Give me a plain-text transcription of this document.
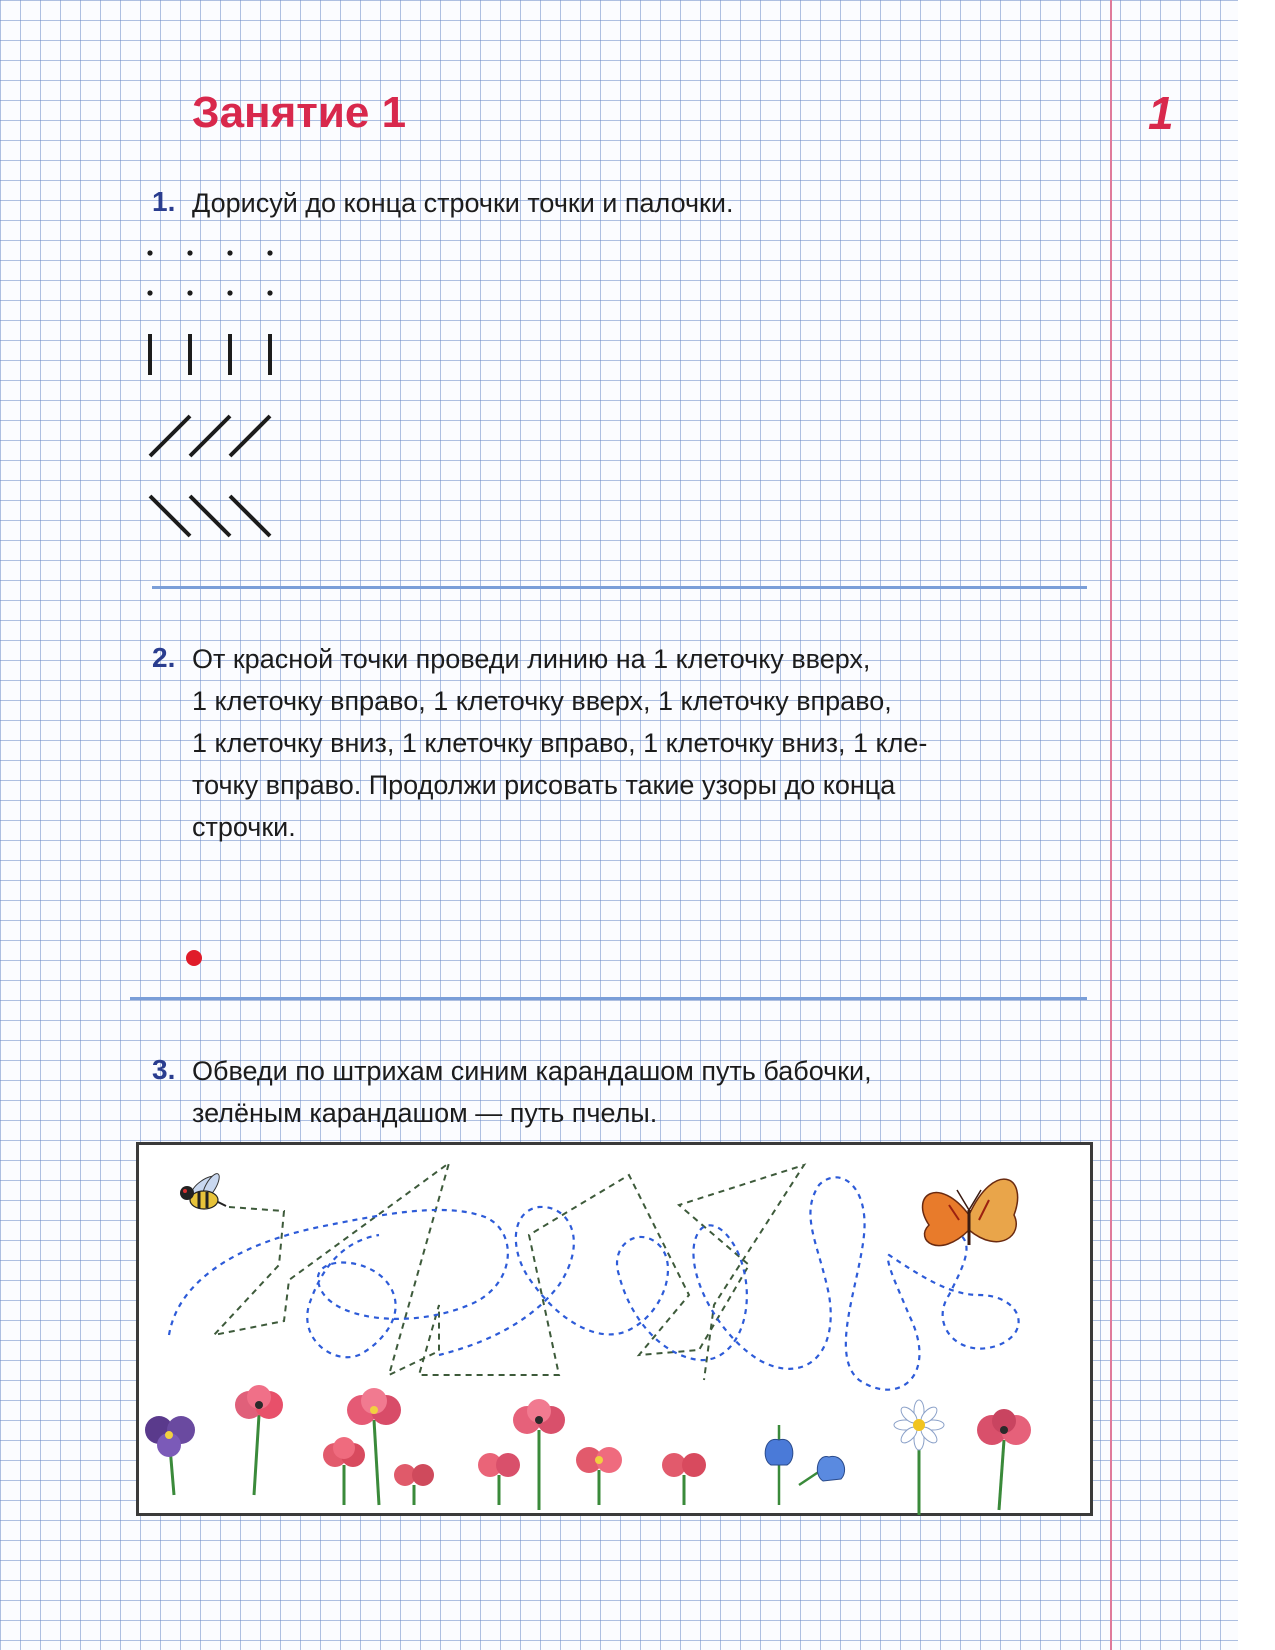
Занятие 1	1
1. Дорисуй до конца строчки точки и палочки.
2. От красной точки проведи линию на 1 клеточку вверх,
1 клеточку вправо, 1 клеточку вверх, 1 клеточку вправо,
1 клеточку вниз, 1 клеточку вправо, 1 клеточку вниз, 1 кле-
точку вправо. Продолжи рисовать такие узоры до конца
строчки.
3. Обведи по штрихам синим карандашом путь бабочки,
зелёным карандашом — путь пчелы.
